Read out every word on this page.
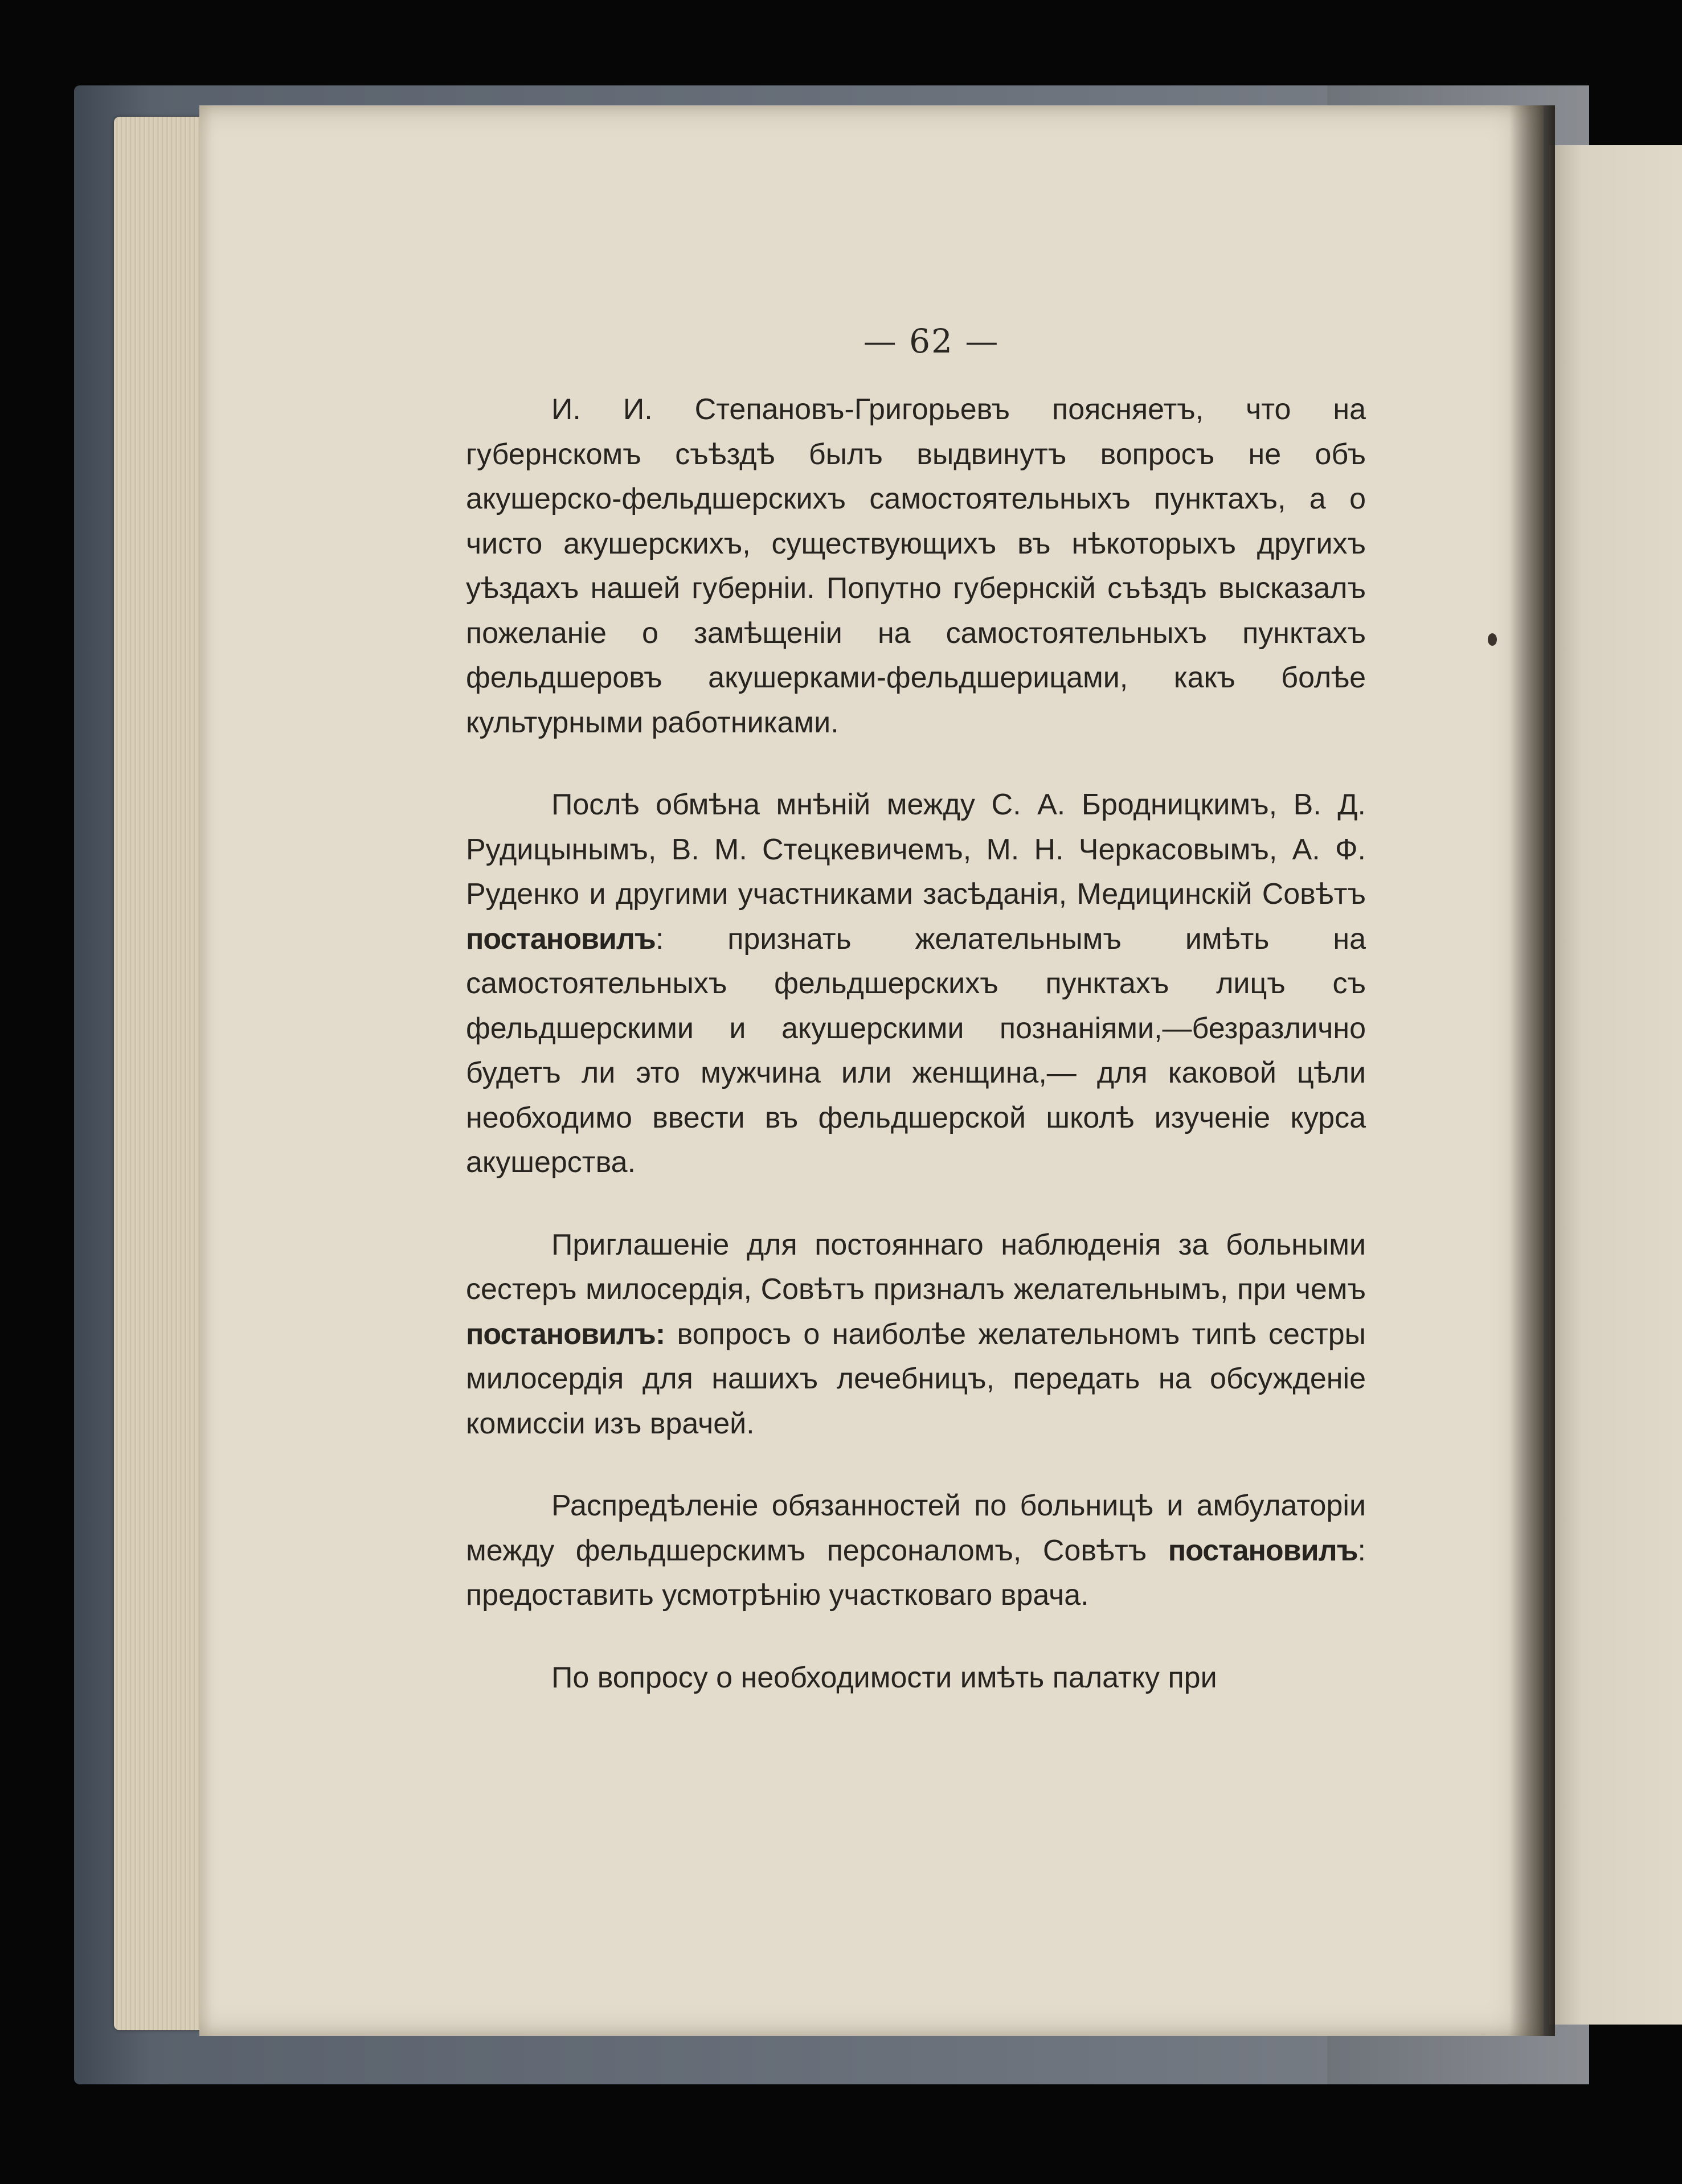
— 62 —

И. И. Степановъ-Григорьевъ поясняетъ, что на губернскомъ съѣздѣ былъ выдвинутъ вопросъ не объ акушерско-фельдшерскихъ самостоятельныхъ пунктахъ, а о чисто акушерскихъ, существующихъ въ нѣкоторыхъ другихъ уѣздахъ нашей губерніи. Попутно губернскій съѣздъ высказалъ пожеланіе о замѣщеніи на самостоятельныхъ пунктахъ фельдшеровъ акушерками-фельдшерицами, какъ болѣе культурными работниками.

Послѣ обмѣна мнѣній между С. А. Бродницкимъ, В. Д. Рудицынымъ, В. М. Стецкевичемъ, М. Н. Черкасовымъ, А. Ф. Руденко и другими участниками засѣданія, Медицинскій Совѣтъ постановилъ: признать желательнымъ имѣть на самостоятельныхъ фельдшерскихъ пунктахъ лицъ съ фельдшерскими и акушерскими познаніями,—безразлично будетъ ли это мужчина или женщина,— для каковой цѣли необходимо ввести въ фельдшерской школѣ изученіе курса акушерства.

Приглашеніе для постояннаго наблюденія за больными сестеръ милосердія, Совѣтъ призналъ желательнымъ, при чемъ постановилъ: вопросъ о наиболѣе желательномъ типѣ сестры милосердія для нашихъ лечебницъ, передать на обсужденіе комиссіи изъ врачей.

Распредѣленіе обязанностей по больницѣ и амбулаторіи между фельдшерскимъ персоналомъ, Совѣтъ постановилъ: предоставить усмотрѣнію участковаго врача.

По вопросу о необходимости имѣть палатку при
